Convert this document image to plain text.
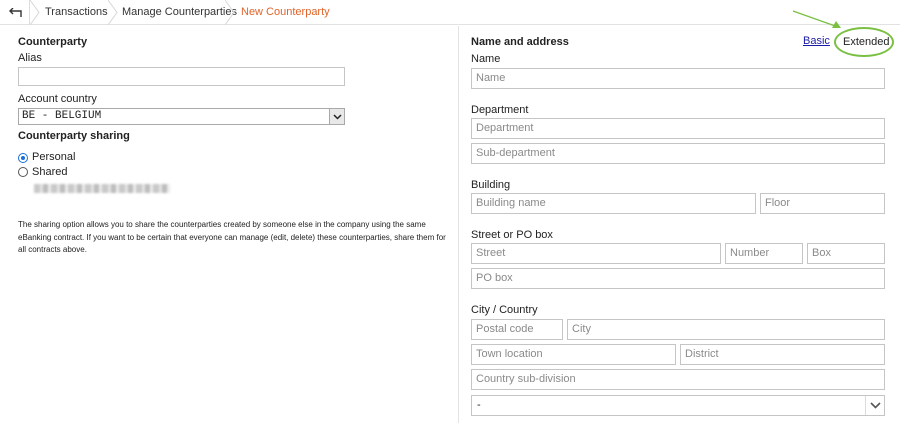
Transactions Manage Counterparties New Counterparty
Counterparty
Alias
Account country
BE - BELGIUM
Counterparty sharing
Personal
Shared
The sharing option allows you to share the counterparties created by someone else in the company using the same eBanking contract. If you want to be certain that everyone can manage (edit, delete) these counterparties, share them for all contracts above.
Name and address	Basic Extended
Name
Name
Department
Department
Sub-department
Building
Building name	Floor
Street or PO box
Street	Number	Box
PO box
City / Country
Postal code	City
Town location	District
Country sub-division
-
